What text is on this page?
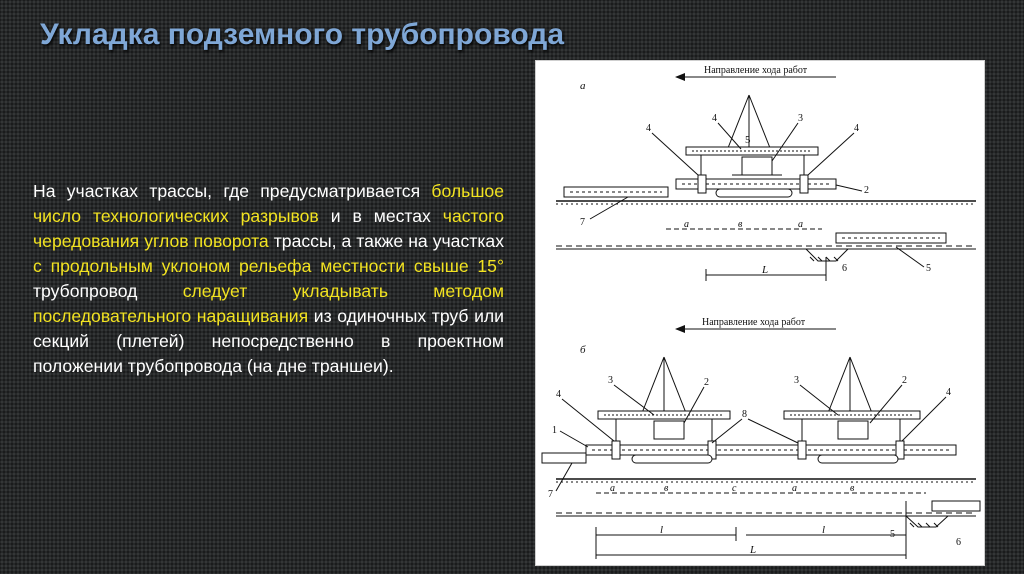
Укладка подземного трубопровода

На участках трассы, где предусматривается большое число технологических разрывов и в местах частого чередования углов поворота трассы, а также на участках с продольным уклоном рельефа местности свыше 15° трубопровод следует укладывать методом последовательного наращивания из одиночных труб или секций (плетей) непосредственно в проектном положении трубопровода (на дне траншеи).

а
Направление хода работ
5
4
4	3
4
2
7	а	в	а
L	6	5
б
Направление хода работ
4
3	2
1
8
3	2
4
7
а	в	с	а	в
l	l
L
5
6
